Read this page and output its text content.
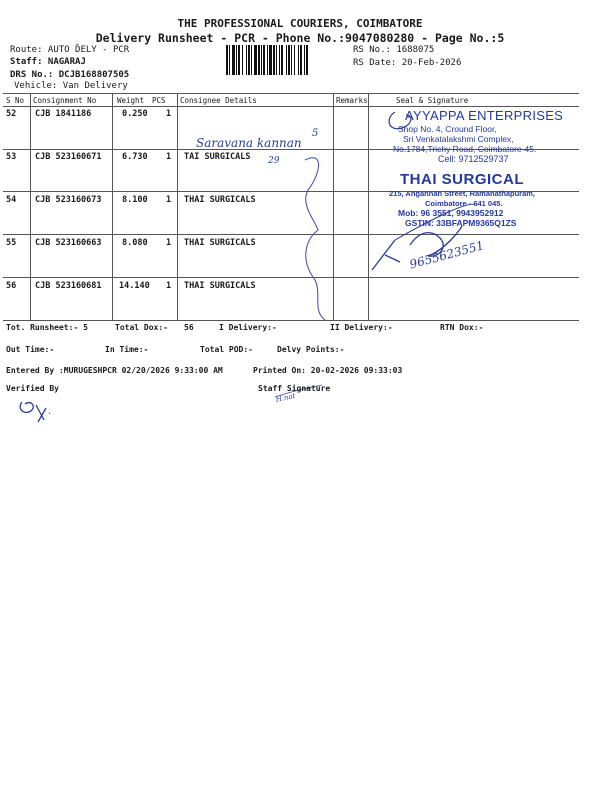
THE PROFESSIONAL COURIERS, COIMBATORE
Delivery Runsheet - PCR - Phone No.:9047080280 - Page No.:5
Route: AUTO ĎELY - PCR
Staff: NAGARAJ
DRS No.: DCJB168807505
Vehicle: Van Delivery
RS No.: 1688075
RS Date: 20-Feb-2026
S No Consignment No	Weight PCS Consignee Details	Remarks	Seal & Signature
52 CJB 1841186	0.250 1
53 CJB 523160671 6.730 1 TAI SURGICALS
54 CJB 523160673 8.100 1 THAI SURGICALS
55 CJB 523160663 8.080 1 THAI SURGICALS
56 CJB 523160681 14.140 1 THAI SURGICALS
AYYAPPA ENTERPRISES
Shop No. 4, Cround Floor,
Sri Venkatalakshmi Complex,
No.1784,Trichy Road, Coimbatore-45.
Cell: 9712529737
THAI SURGICAL
215, Angannan Street, Ramanathapuram,
Coimbatore - 641 045.
Mob: 96 3551, 9943952912
GSTIN: 33BFAPM9365Q1ZS
Saravana kannan
5
29
9655623551
.
H.nat
Tot. Runsheet:- 5	Total Dox:- 56	I Delivery:-	II Delivery:-	RTN Dox:-
Out Time:-	In Time:-	Total POD:-	Delvy Points:-
Entered By :MURUGESHPCR 02/20/2026 9:33:00 AM	Printed On: 20-02-2026 09:33:03
Verified By	Staff Signature
